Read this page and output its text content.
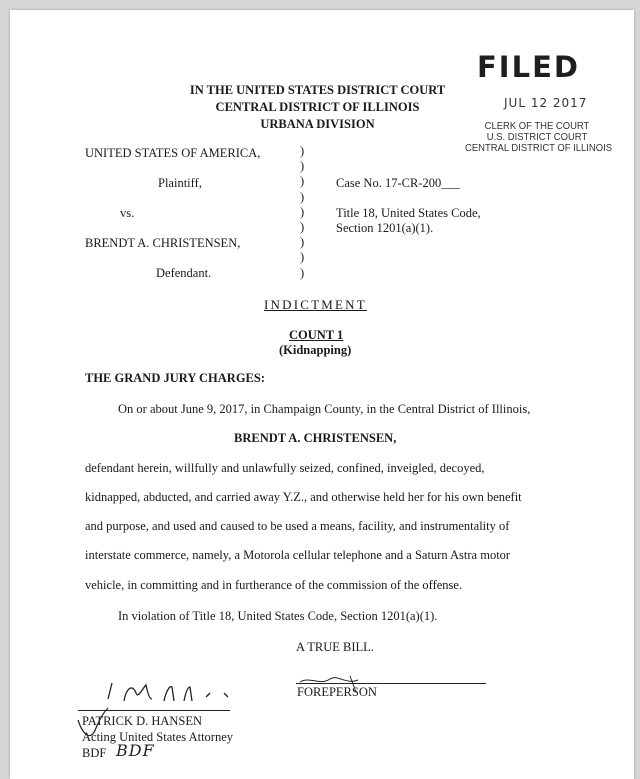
FILED
JUL 12 2017
CLERK OF THE COURT
U.S. DISTRICT COURT
CENTRAL DISTRICT OF ILLINOIS
IN THE UNITED STATES DISTRICT COURT
CENTRAL DISTRICT OF ILLINOIS
URBANA DIVISION
UNITED STATES OF AMERICA,
Plaintiff,
vs.
BRENDT A. CHRISTENSEN,
Defendant.
)
)
)
)
)
)
)
)
)
Case No. 17-CR-200___
Title 18, United States Code,
Section 1201(a)(1).
INDICTMENT
COUNT 1
(Kidnapping)
THE GRAND JURY CHARGES:
On or about June 9, 2017, in Champaign County, in the Central District of Illinois,
BRENDT A. CHRISTENSEN,
defendant herein, willfully and unlawfully seized, confined, inveigled, decoyed,
kidnapped, abducted, and carried away Y.Z., and otherwise held her for his own benefit
and purpose, and used and caused to be used a means, facility, and instrumentality of
interstate commerce, namely, a Motorola cellular telephone and a Saturn Astra motor
vehicle, in committing and in furtherance of the commission of the offense.
In violation of Title 18, United States Code, Section 1201(a)(1).
A TRUE BILL.
FOREPERSON
PATRICK D. HANSEN
Acting United States Attorney
BDF BDF
